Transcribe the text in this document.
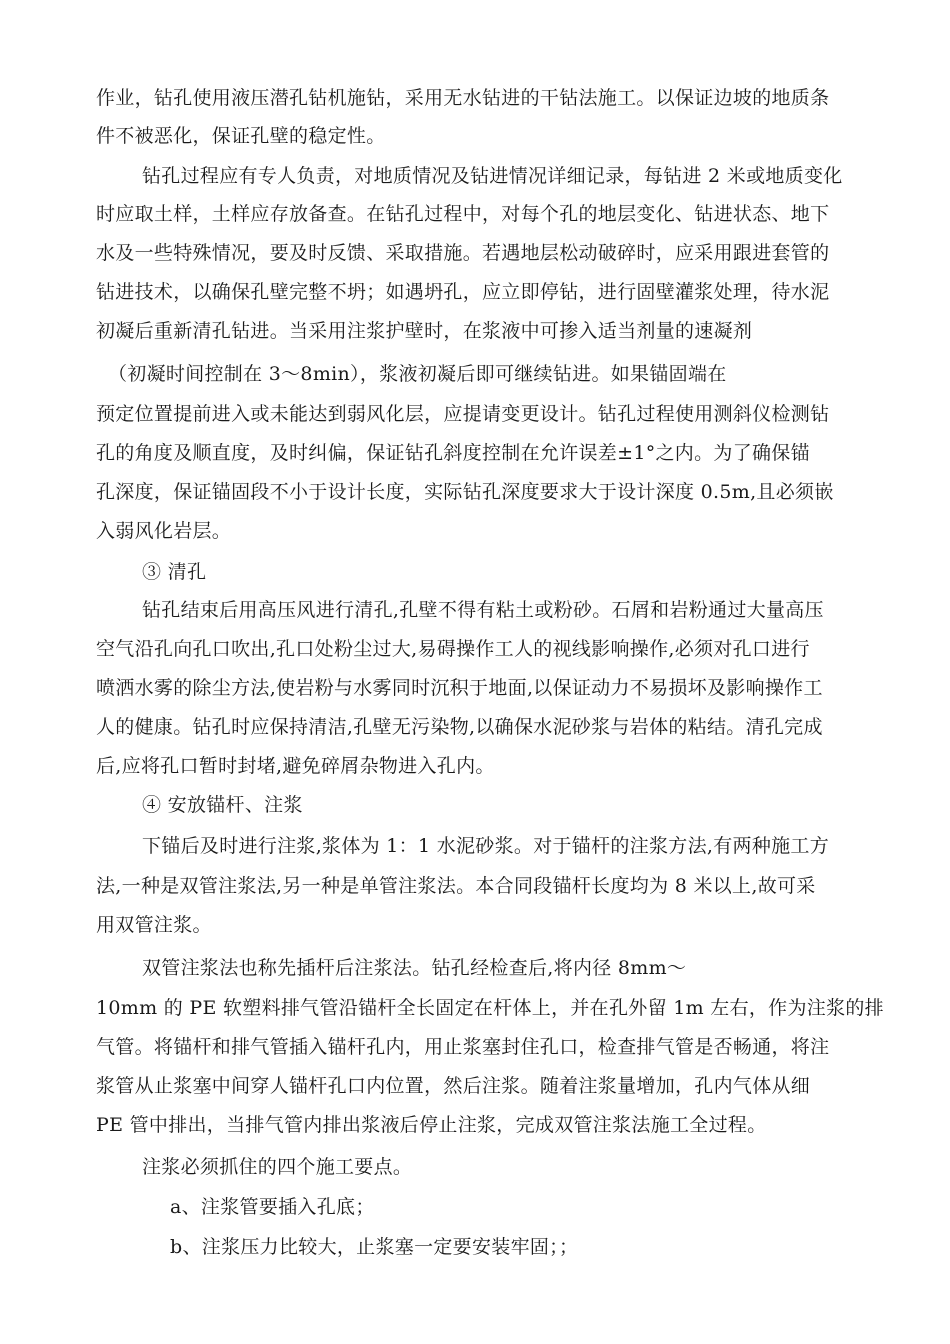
作业，钻孔使用液压潜孔钻机施钻，采用无水钻进的干钻法施工。以保证边坡的地质条
件不被恶化，保证孔壁的稳定性。
钻孔过程应有专人负责，对地质情况及钻进情况详细记录，每钻进 2 米或地质变化
时应取土样，土样应存放备查。在钻孔过程中，对每个孔的地层变化、钻进状态、地下
水及一些特殊情况，要及时反馈、采取措施。若遇地层松动破碎时，应采用跟进套管的
钻进技术，以确保孔壁完整不坍；如遇坍孔，应立即停钻，进行固壁灌浆处理，待水泥
初凝后重新清孔钻进。当采用注浆护壁时，在浆液中可掺入适当剂量的速凝剂
（初凝时间控制在 3～8min），浆液初凝后即可继续钻进。如果锚固端在
预定位置提前进入或未能达到弱风化层，应提请变更设计。钻孔过程使用测斜仪检测钻
孔的角度及顺直度，及时纠偏，保证钻孔斜度控制在允许误差±1°之内。为了确保锚
孔深度，保证锚固段不小于设计长度，实际钻孔深度要求大于设计深度 0.5m,且必须嵌
入弱风化岩层。
③ 清孔
钻孔结束后用高压风进行清孔,孔壁不得有粘土或粉砂。石屑和岩粉通过大量高压
空气沿孔向孔口吹出,孔口处粉尘过大,易碍操作工人的视线影响操作,必须对孔口进行
喷洒水雾的除尘方法,使岩粉与水雾同时沉积于地面,以保证动力不易损坏及影响操作工
人的健康。钻孔时应保持清洁,孔壁无污染物,以确保水泥砂浆与岩体的粘结。清孔完成
后,应将孔口暂时封堵,避免碎屑杂物进入孔内。
④ 安放锚杆、注浆
下锚后及时进行注浆,浆体为 1：1 水泥砂浆。对于锚杆的注浆方法,有两种施工方
法,一种是双管注浆法,另一种是单管注浆法。本合同段锚杆长度均为 8 米以上,故可采
用双管注浆。
双管注浆法也称先插杆后注浆法。钻孔经检查后,将内径 8mm～
10mm 的 PE 软塑料排气管沿锚杆全长固定在杆体上，并在孔外留 1m 左右，作为注浆的排
气管。将锚杆和排气管插入锚杆孔内，用止浆塞封住孔口，检查排气管是否畅通，将注
浆管从止浆塞中间穿人锚杆孔口内位置，然后注浆。随着注浆量增加，孔内气体从细
PE 管中排出，当排气管内排出浆液后停止注浆，完成双管注浆法施工全过程。
注浆必须抓住的四个施工要点。
a、注浆管要插入孔底；
b、注浆压力比较大，止浆塞一定要安装牢固；；
